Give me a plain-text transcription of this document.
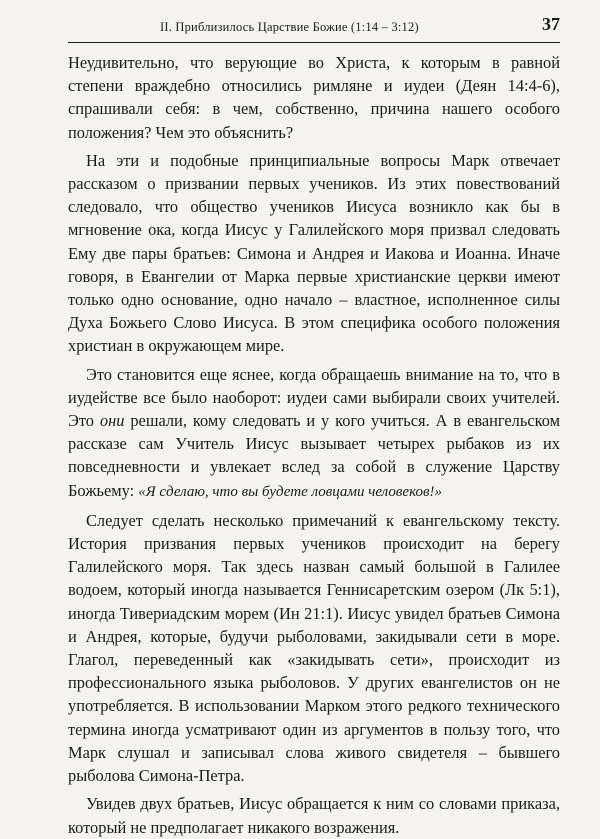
II. Приблизилось Царствие Божие (1:14 – 3:12)	37

Неудивительно, что верующие во Христа, к которым в равной степени враждебно относились римляне и иудеи (Деян 14:4-6), спрашивали себя: в чем, собственно, причина нашего особого положения? Чем это объяснить?

На эти и подобные принципиальные вопросы Марк отвечает рассказом о призвании первых учеников. Из этих повествований следовало, что общество учеников Иисуса возникло как бы в мгновение ока, когда Иисус у Галилейского моря призвал следовать Ему две пары братьев: Симона и Андрея и Иакова и Иоанна. Иначе говоря, в Евангелии от Марка первые христианские церкви имеют только одно основание, одно начало – властное, исполненное силы Духа Божьего Слово Иисуса. В этом специфика особого положения христиан в окружающем мире.

Это становится еще яснее, когда обращаешь внимание на то, что в иудействе все было наоборот: иудеи сами выбирали своих учителей. Это они решали, кому следовать и у кого учиться. А в евангельском рассказе сам Учитель Иисус вызывает четырех рыбаков из их повседневности и увлекает вслед за собой в служение Царству Божьему: «Я сделаю, что вы будете ловцами человеков!»

Следует сделать несколько примечаний к евангельскому тексту. История призвания первых учеников происходит на берегу Галилейского моря. Так здесь назван самый большой в Галилее водоем, который иногда называется Геннисаретским озером (Лк 5:1), иногда Тивериадским морем (Ин 21:1). Иисус увидел братьев Симона и Андрея, которые, будучи рыболовами, закидывали сети в море. Глагол, переведенный как «закидывать сети», происходит из профессионального языка рыболовов. У других евангелистов он не употребляется. В использовании Марком этого редкого технического термина иногда усматривают один из аргументов в пользу того, что Марк слушал и записывал слова живого свидетеля – бывшего рыболова Симона-Петра.

Увидев двух братьев, Иисус обращается к ним со словами приказа, который не предполагает никакого возражения.
